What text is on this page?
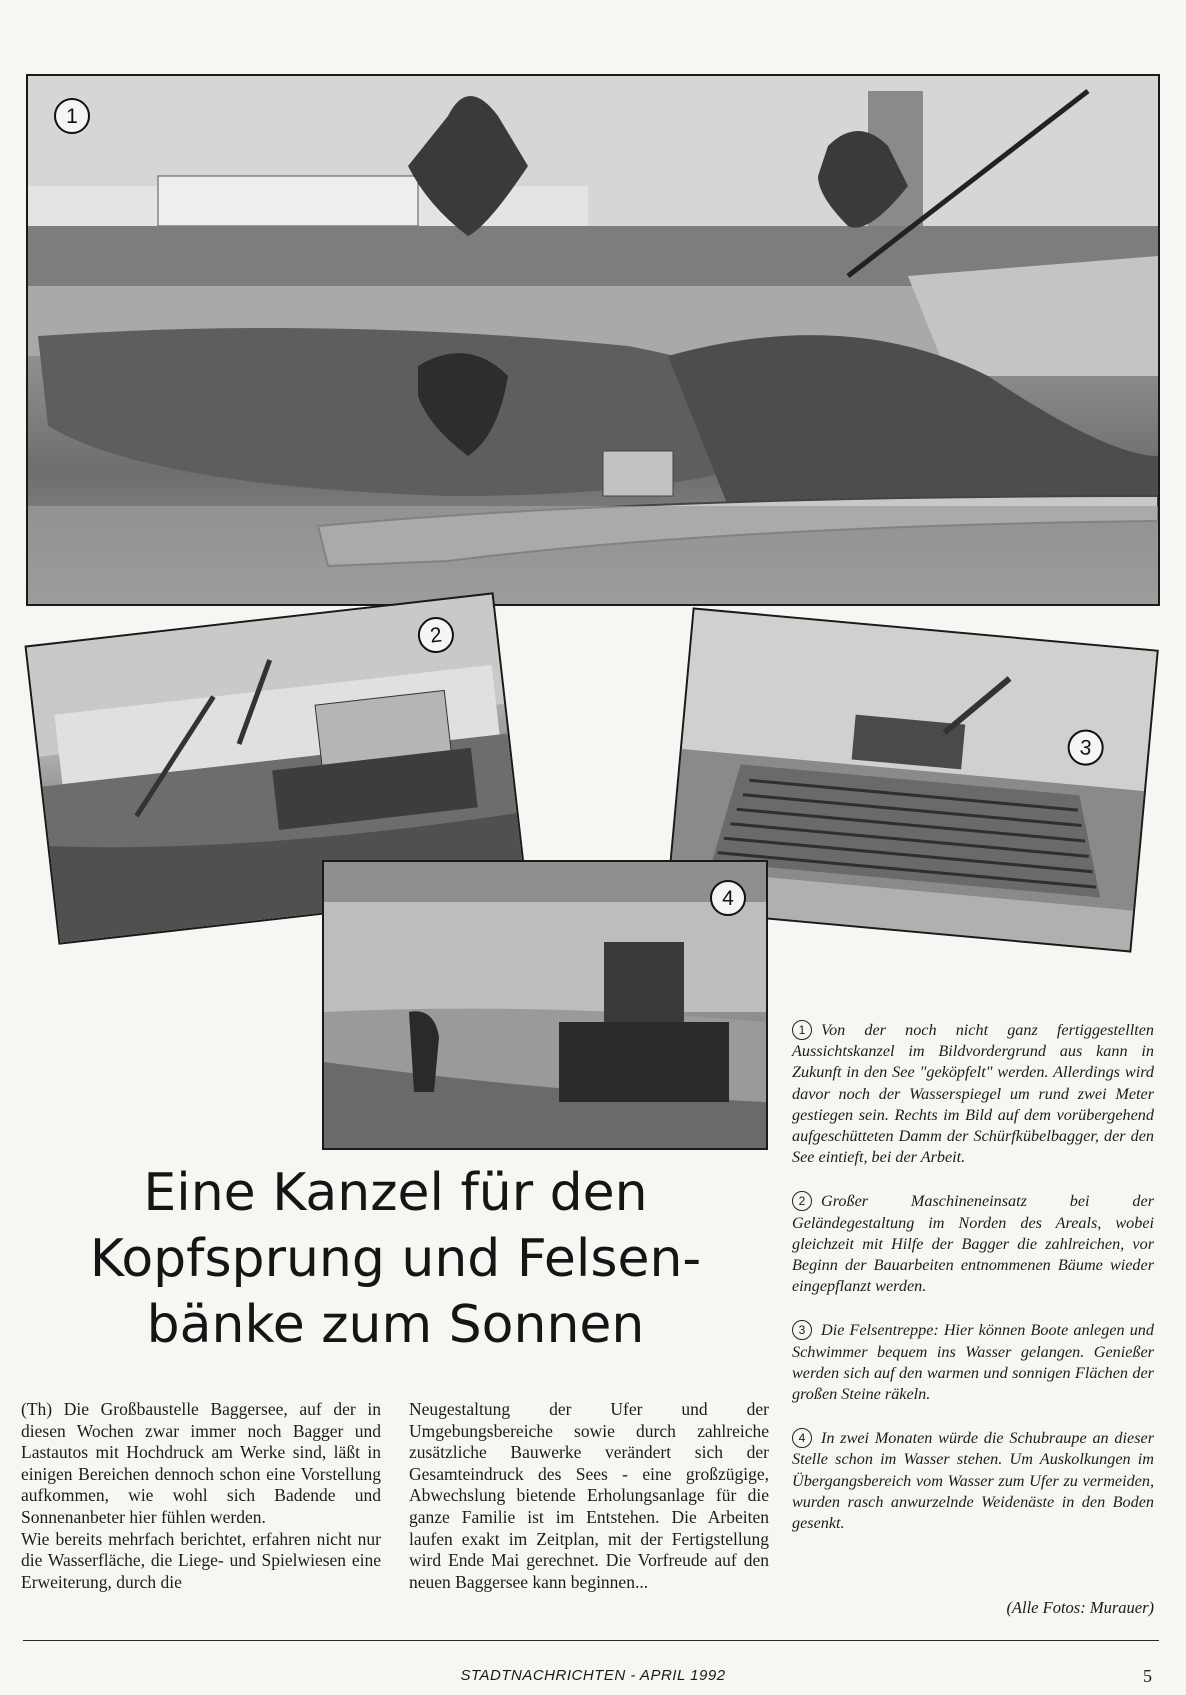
1
2
3
4
Eine Kanzel für den
Kopfsprung und Felsen-
bänke zum Sonnen

(Th) Die Großbaustelle Baggersee, auf der in diesen Wochen zwar immer noch Bagger und Lastautos mit Hochdruck am Werke sind, läßt in einigen Bereichen dennoch schon eine Vorstellung aufkommen, wie wohl sich Badende und Sonnenanbeter hier fühlen werden.

Wie bereits mehrfach berichtet, erfahren nicht nur die Wasserfläche, die Liege- und Spielwiesen eine Erweiterung, durch die

Neugestaltung der Ufer und der Umgebungsbereiche sowie durch zahlreiche zusätzliche Bauwerke verändert sich der Gesamteindruck des Sees - eine großzügige, Abwechslung bietende Erholungsanlage für die ganze Familie ist im Entstehen. Die Arbeiten laufen exakt im Zeitplan, mit der Fertigstellung wird Ende Mai gerechnet. Die Vorfreude auf den neuen Baggersee kann beginnen...

1 Von der noch nicht ganz fertiggestellten Aussichtskanzel im Bildvordergrund aus kann in Zukunft in den See "geköpfelt" werden. Allerdings wird davor noch der Wasserspiegel um rund zwei Meter gestiegen sein. Rechts im Bild auf dem vorübergehend aufgeschütteten Damm der Schürfkübelbagger, der den See eintieft, bei der Arbeit.

2 Großer Maschineneinsatz bei der Geländegestaltung im Norden des Areals, wobei gleichzeit mit Hilfe der Bagger die zahlreichen, vor Beginn der Bauarbeiten entnommenen Bäume wieder eingepflanzt werden.

3 Die Felsentreppe: Hier können Boote anlegen und Schwimmer bequem ins Wasser gelangen. Genießer werden sich auf den warmen und sonnigen Flächen der großen Steine räkeln.

4 In zwei Monaten würde die Schubraupe an dieser Stelle schon im Wasser stehen. Um Auskolkungen im Übergangsbereich vom Wasser zum Ufer zu vermeiden, wurden rasch anwurzelnde Weidenäste in den Boden gesenkt.

(Alle Fotos: Murauer)
STADTNACHRICHTEN - APRIL 1992	5
